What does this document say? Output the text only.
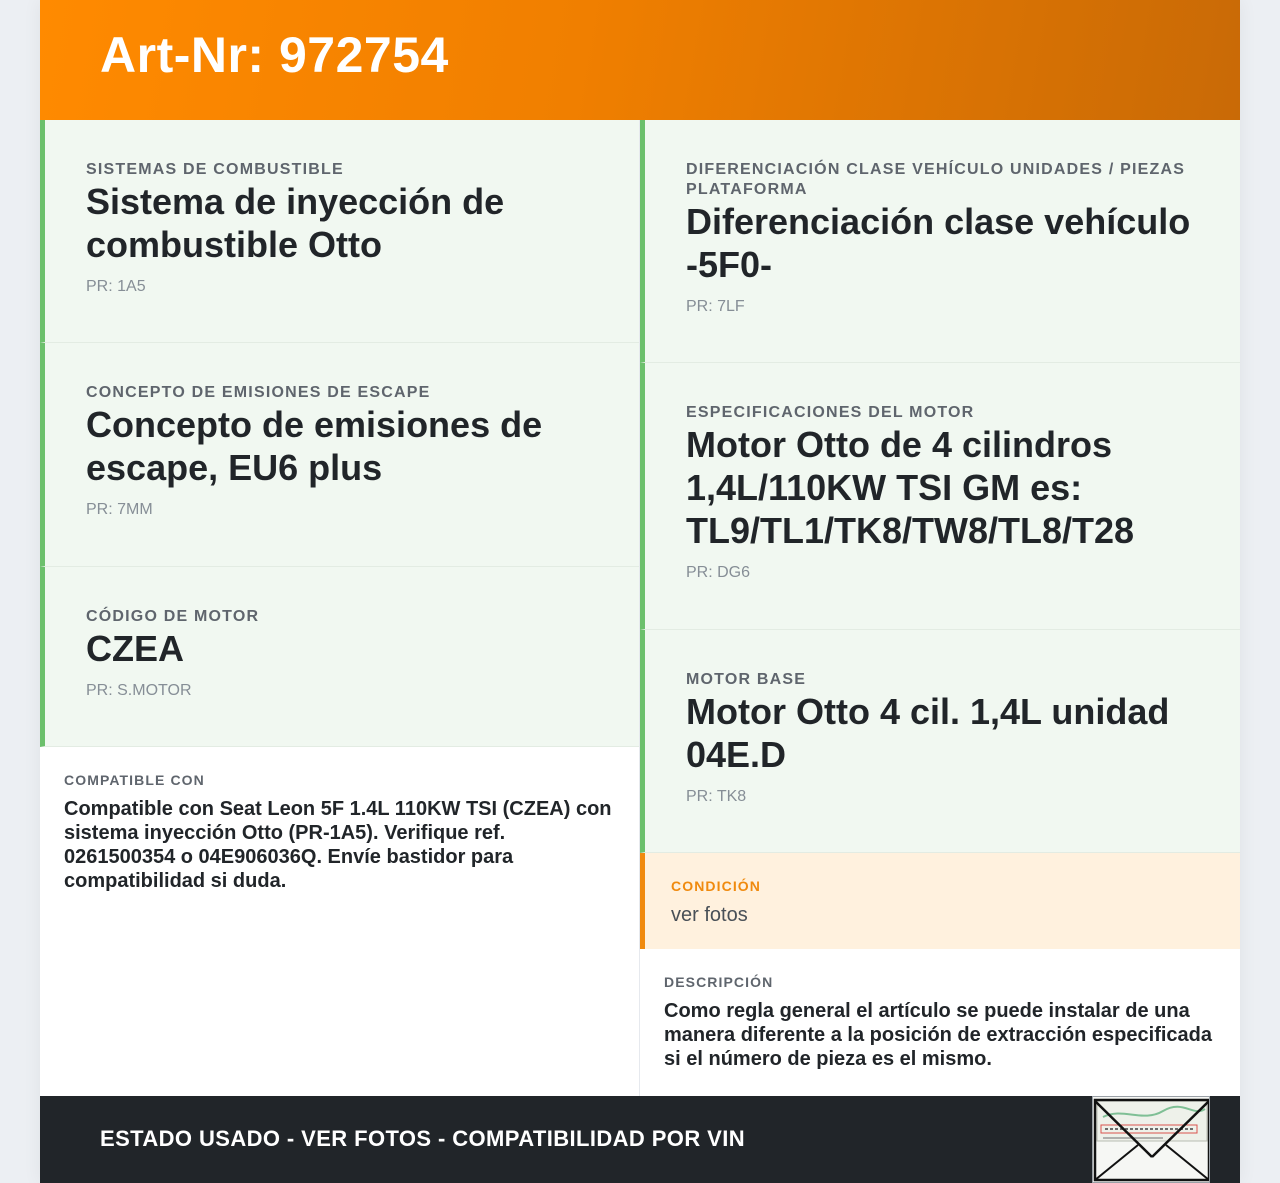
Art-Nr: 972754
SISTEMAS DE COMBUSTIBLE
Sistema de inyección de combustible Otto
PR: 1A5
CONCEPTO DE EMISIONES DE ESCAPE
Concepto de emisiones de escape, EU6 plus
PR: 7MM
CÓDIGO DE MOTOR
CZEA
PR: S.MOTOR
COMPATIBLE CON
Compatible con Seat Leon 5F 1.4L 110KW TSI (CZEA) con sistema inyección Otto (PR-1A5). Verifique ref. 0261500354 o 04E906036Q. Envíe bastidor para compatibilidad si duda.
DIFERENCIACIÓN CLASE VEHÍCULO UNIDADES / PIEZAS PLATAFORMA
Diferenciación clase vehículo -5F0-
PR: 7LF
ESPECIFICACIONES DEL MOTOR
Motor Otto de 4 cilindros 1,4L/110KW TSI GM es: TL9/TL1/TK8/TW8/TL8/T28
PR: DG6
MOTOR BASE
Motor Otto 4 cil. 1,4L unidad 04E.D
PR: TK8
CONDICIÓN
ver fotos
DESCRIPCIÓN
Como regla general el artículo se puede instalar de una manera diferente a la posición de extracción especificada si el número de pieza es el mismo.
ESTADO USADO - VER FOTOS - COMPATIBILIDAD POR VIN
